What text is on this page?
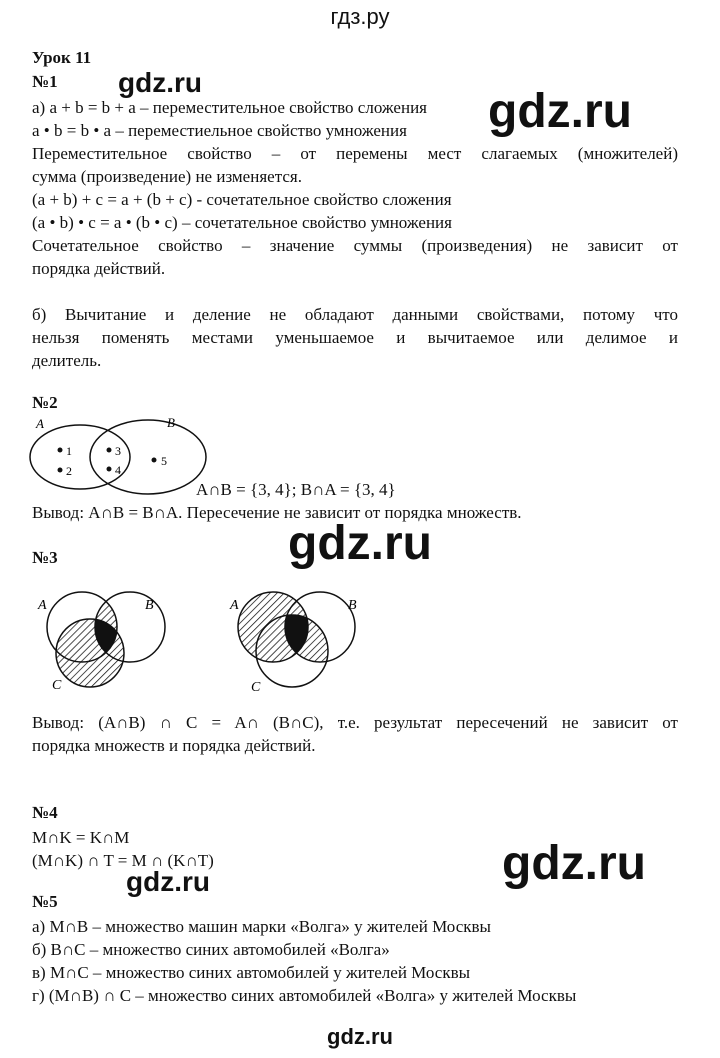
гдз.ру
Урок 11
№1
а) a + b = b + a – переместительное свойство сложения
a • b = b • a – переместиельное свойство умножения
Переместительное свойство – от перемены мест слагаемых (множителей)
сумма (произведение) не изменяется.
(a + b) + c = a + (b + c) - сочетательное свойство сложения
(a • b) • c = a • (b • c) – сочетательное свойство умножения
Сочетательное свойство – значение суммы (произведения) не зависит от
порядка действий.
б) Вычитание и деление не обладают данными свойствами, потому что
нельзя поменять местами уменьшаемое и вычитаемое или делимое и
делитель.
gdz.ru
gdz.ru
№2
A	B
1
2
3
4
5
A∩B = {3, 4}; B∩A = {3, 4}
Вывод: A∩B = B∩A. Пересечение не зависит от порядка множеств.
gdz.ru
№3
A	B
C
A	B
C
Вывод: (A∩B) ∩ C = A∩ (B∩C), т.е. результат пересечений не зависит от
порядка множеств и порядка действий.
№4
M∩K = K∩M
(M∩K) ∩ T = M ∩ (K∩T)	gdz.ru
gdz.ru
№5
а) M∩B – множество машин марки «Волга» у жителей Москвы
б) B∩C – множество синих автомобилей «Волга»
в) M∩C – множество синих автомобилей у жителей Москвы
г) (M∩B) ∩ C – множество синих автомобилей «Волга» у жителей Москвы
gdz.ru
